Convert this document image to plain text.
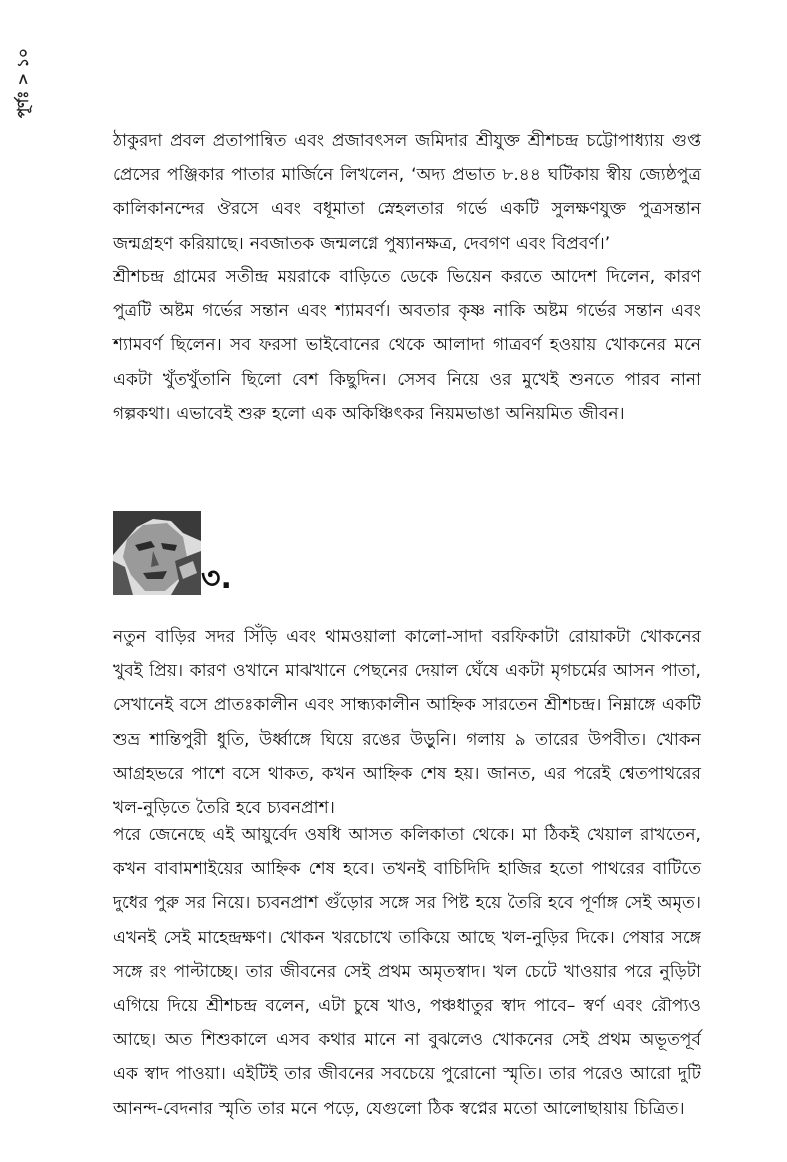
পূর্ণঃ > ১০

ঠাকুরদা প্রবল প্রতাপান্বিত এবং প্রজাবৎসল জমিদার শ্রীযুক্ত শ্রীশচন্দ্র চট্টোপাধ্যায় গুপ্ত প্রেসের পঞ্জিকার পাতার মার্জিনে লিখলেন, ‘অদ্য প্রভাত ৮.৪৪ ঘটিকায় স্বীয় জ্যেষ্ঠপুত্র কালিকানন্দের ঔরসে এবং বধূমাতা স্নেহলতার গর্ভে একটি সুলক্ষণযুক্ত পুত্রসন্তান জন্মগ্রহণ করিয়াছে। নবজাতক জন্মলগ্নে পুষ্যানক্ষত্র, দেবগণ এবং বিপ্রবর্ণ।’

শ্রীশচন্দ্র গ্রামের সতীন্দ্র ময়রাকে বাড়িতে ডেকে ভিয়েন করতে আদেশ দিলেন, কারণ পুত্রটি অষ্টম গর্ভের সন্তান এবং শ্যামবর্ণ। অবতার কৃষ্ণ নাকি অষ্টম গর্ভের সন্তান এবং শ্যামবর্ণ ছিলেন। সব ফরসা ভাইবোনের থেকে আলাদা গাত্রবর্ণ হওয়ায় খোকনের মনে একটা খুঁতখুঁতানি ছিলো বেশ কিছুদিন। সেসব নিয়ে ওর মুখেই শুনতে পারব নানা গল্পকথা। এভাবেই শুরু হলো এক অকিঞ্চিৎকর নিয়মভাঙা অনিয়মিত জীবন।

৩.

নতুন বাড়ির সদর সিঁড়ি এবং থামওয়ালা কালো-সাদা বরফিকাটা রোয়াকটা খোকনের খুবই প্রিয়। কারণ ওখানে মাঝখানে পেছনের দেয়াল ঘেঁষে একটা মৃগচর্মের আসন পাতা, সেখানেই বসে প্রাতঃকালীন এবং সান্ধ্যকালীন আহ্নিক সারতেন শ্রীশচন্দ্র। নিম্নাঙ্গে একটি শুভ্র শান্তিপুরী ধুতি, উর্ধ্বাঙ্গে ঘিয়ে রঙের উড়ুনি। গলায় ৯ তারের উপবীত। খোকন আগ্রহভরে পাশে বসে থাকত, কখন আহ্নিক শেষ হয়। জানত, এর পরেই শ্বেতপাথরের খল-নুড়িতে তৈরি হবে চ্যবনপ্রাশ।

পরে জেনেছে এই আয়ুর্বেদ ওষধি আসত কলিকাতা থেকে। মা ঠিকই খেয়াল রাখতেন, কখন বাবামশাইয়ের আহ্নিক শেষ হবে। তখনই বাচিদিদি হাজির হতো পাথরের বাটিতে দুধের পুরু সর নিয়ে। চ্যবনপ্রাশ গুঁড়োর সঙ্গে সর পিষ্ট হয়ে তৈরি হবে পূর্ণাঙ্গ সেই অমৃত। এখনই সেই মাহেন্দ্রক্ষণ। খোকন খরচোখে তাকিয়ে আছে খল-নুড়ির দিকে। পেষার সঙ্গে সঙ্গে রং পাল্টাচ্ছে। তার জীবনের সেই প্রথম অমৃতস্বাদ। খল চেটে খাওয়ার পরে নুড়িটা এগিয়ে দিয়ে শ্রীশচন্দ্র বলেন, এটা চুষে খাও, পঞ্চধাতুর স্বাদ পাবে– স্বর্ণ এবং রৌপ্যও আছে। অত শিশুকালে এসব কথার মানে না বুঝলেও খোকনের সেই প্রথম অভূতপূর্ব এক স্বাদ পাওয়া। এইটিই তার জীবনের সবচেয়ে পুরোনো স্মৃতি। তার পরেও আরো দুটি আনন্দ-বেদনার স্মৃতি তার মনে পড়ে, যেগুলো ঠিক স্বপ্নের মতো আলোছায়ায় চিত্রিত।
